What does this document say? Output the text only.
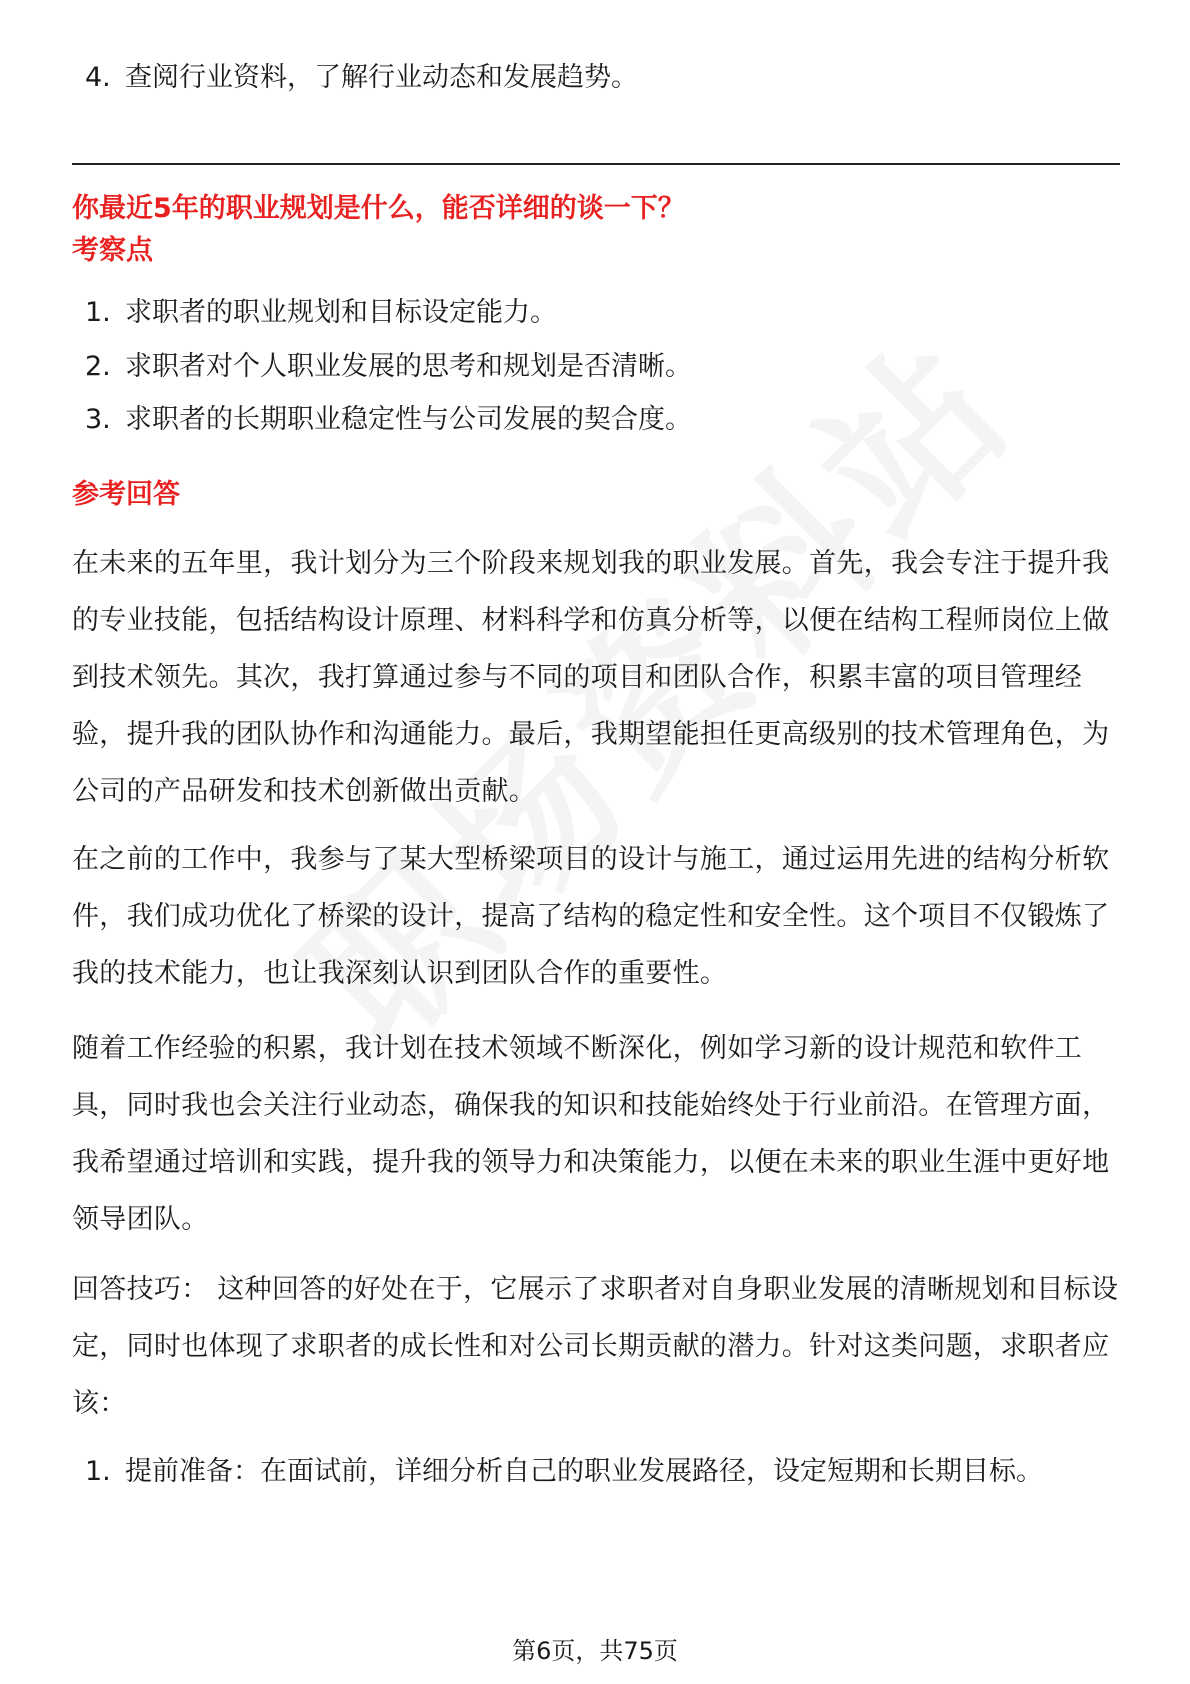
4. 查阅行业资料，了解行业动态和发展趋势。
你最近5年的职业规划是什么，能否详细的谈一下？
考察点
1. 求职者的职业规划和目标设定能力。
2. 求职者对个人职业发展的思考和规划是否清晰。
3. 求职者的长期职业稳定性与公司发展的契合度。
参考回答
在未来的五年里，我计划分为三个阶段来规划我的职业发展。首先，我会专注于提升我的专业技能，包括结构设计原理、材料科学和仿真分析等，以便在结构工程师岗位上做到技术领先。其次，我打算通过参与不同的项目和团队合作，积累丰富的项目管理经验，提升我的团队协作和沟通能力。最后，我期望能担任更高级别的技术管理角色，为公司的产品研发和技术创新做出贡献。
在之前的工作中，我参与了某大型桥梁项目的设计与施工，通过运用先进的结构分析软件，我们成功优化了桥梁的设计，提高了结构的稳定性和安全性。这个项目不仅锻炼了我的技术能力，也让我深刻认识到团队合作的重要性。
随着工作经验的积累，我计划在技术领域不断深化，例如学习新的设计规范和软件工具，同时我也会关注行业动态，确保我的知识和技能始终处于行业前沿。在管理方面，我希望通过培训和实践，提升我的领导力和决策能力，以便在未来的职业生涯中更好地领导团队。
回答技巧： 这种回答的好处在于，它展示了求职者对自身职业发展的清晰规划和目标设定，同时也体现了求职者的成长性和对公司长期贡献的潜力。针对这类问题，求职者应该：
1. 提前准备：在面试前，详细分析自己的职业发展路径，设定短期和长期目标。
第6页，共75页
